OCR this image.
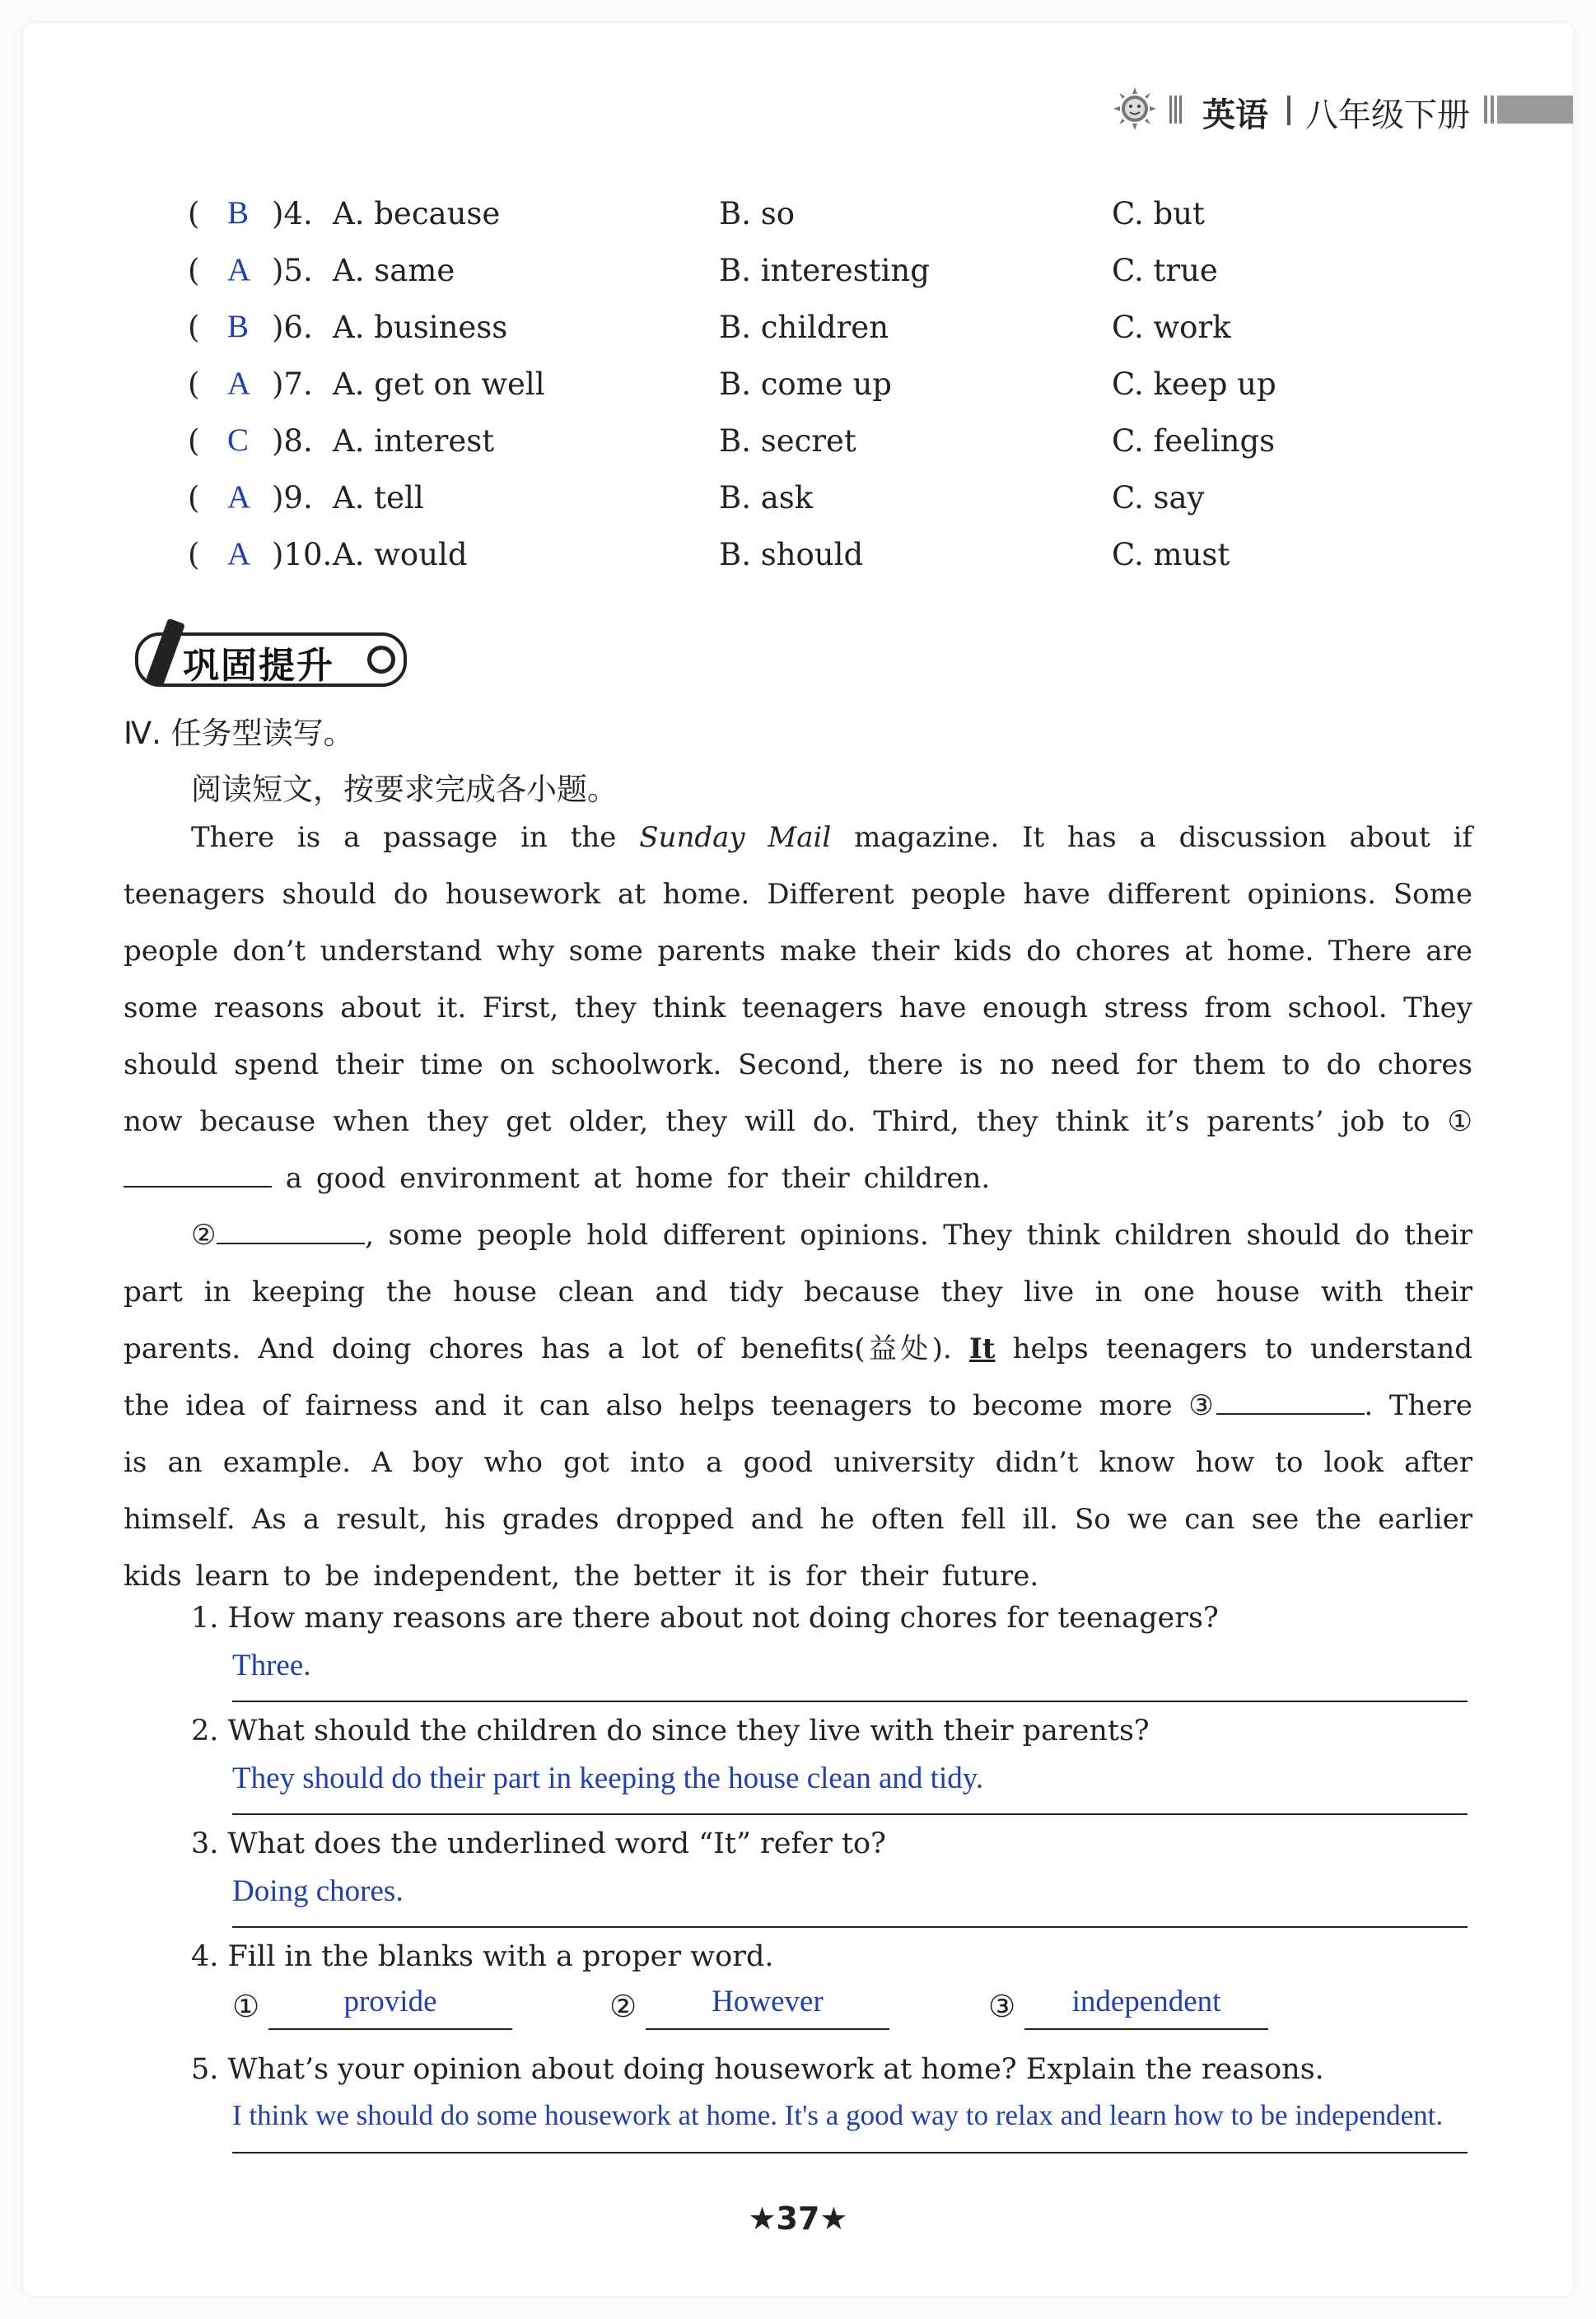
英语 八年级下册
( B )4. A. because	B. so	C. but
( A )5. A. same	B. interesting	C. true
( B )6. A. business	B. children	C. work
( A )7. A. get on well	B. come up	C. keep up
( C )8. A. interest	B. secret	C. feelings
( A )9. A. tell	B. ask	C. say
( A )10. A. would	B. should	C. must
巩固提升
Ⅳ. 任务型读写。
阅读短文，按要求完成各小题。

There is a passage in the Sunday Mail magazine. It has a discussion about if teenagers should do housework at home. Different people have different opinions. Some people don’t understand why some parents make their kids do chores at home. There are some reasons about it. First, they think teenagers have enough stress from school. They should spend their time on schoolwork. Second, there is no need for them to do chores now because when they get older, they will do. Third, they think it’s parents’ job to ① a good environment at home for their children.

②	, some people hold different opinions. They think children should do their part in keeping the house clean and tidy because they live in one house with their parents. And doing chores has a lot of benefits(益处). It helps teenagers to understand the idea of fairness and it can also helps teenagers to become more ③	. There is an example. A boy who got into a good university didn’t know how to look after himself. As a result, his grades dropped and he often fell ill. So we can see the earlier kids learn to be independent, the better it is for their future.

1. How many reasons are there about not doing chores for teenagers?
Three.
2. What should the children do since they live with their parents?
They should do their part in keeping the house clean and tidy.
3. What does the underlined word “It” refer to?
Doing chores.
4. Fill in the blanks with a proper word.
①	provide	②	However	③	independent
5. What’s your opinion about doing housework at home? Explain the reasons.
I think we should do some housework at home. It's a good way to relax and learn how to be independent.
★37★
